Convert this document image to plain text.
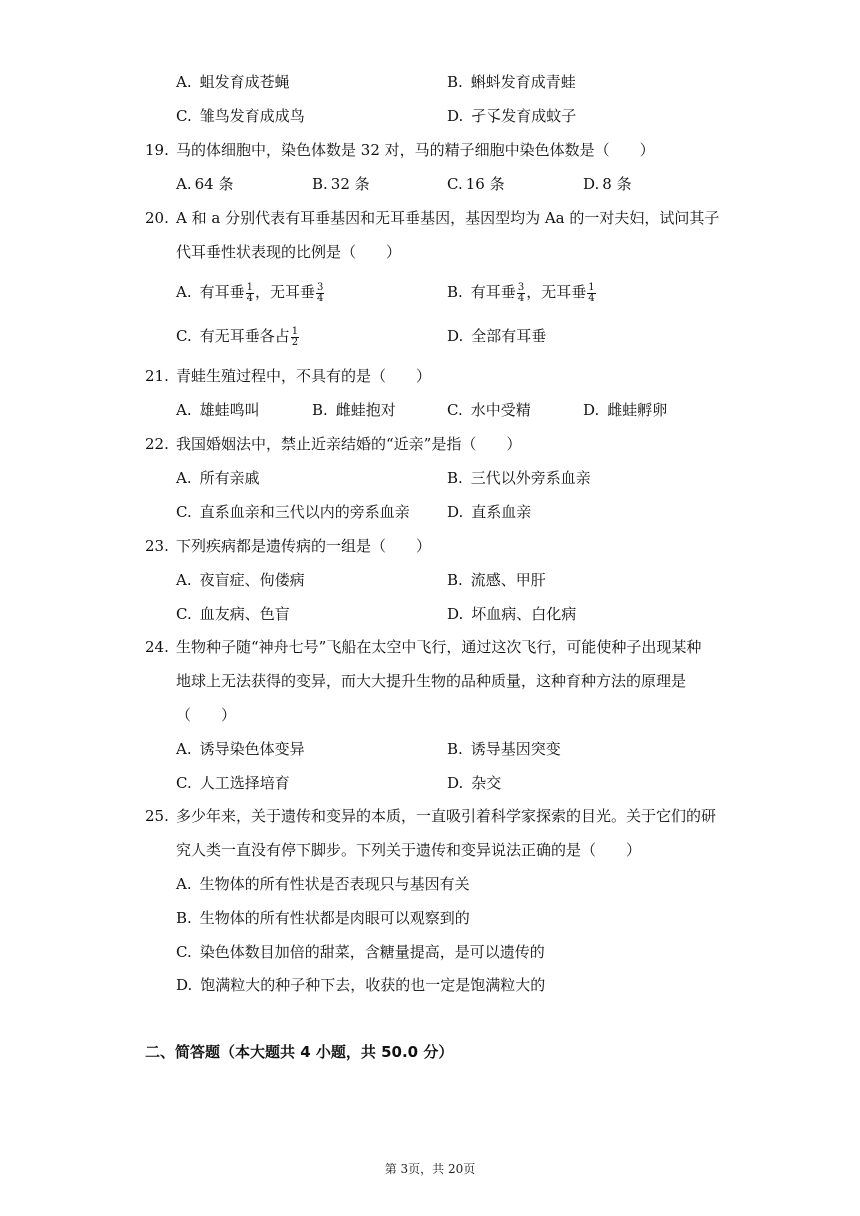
A. 蛆发育成苍蝇	B. 蝌蚪发育成青蛙
C. 雏鸟发育成成鸟	D. 孑孓发育成蚊子
19. 马的体细胞中，染色体数是 32 对，马的精子细胞中染色体数是（　　）
A. 64 条	B. 32 条	C. 16 条	D. 8 条
20. A 和 a 分别代表有耳垂基因和无耳垂基因，基因型均为 Aa 的一对夫妇，试问其子
代耳垂性状表现的比例是（　　）
A. 有耳垂 $\frac{1}{4}$ ，无耳垂 $\frac{3}{4}$	B. 有耳垂 $\frac{3}{4}$ ，无耳垂 $\frac{1}{4}$
C. 有无耳垂各占 $\frac{1}{2}$	D. 全部有耳垂
21. 青蛙生殖过程中，不具有的是（　　）
A. 雄蛙鸣叫	B. 雌蛙抱对	C. 水中受精	D. 雌蛙孵卵
22. 我国婚姻法中，禁止近亲结婚的“近亲”是指（　　）
A. 所有亲戚	B. 三代以外旁系血亲
C. 直系血亲和三代以内的旁系血亲 D. 直系血亲
23. 下列疾病都是遗传病的一组是（　　）
A. 夜盲症、佝偻病	B. 流感、甲肝
C. 血友病、色盲	D. 坏血病、白化病
24. 生物种子随“神舟七号”飞船在太空中飞行，通过这次飞行，可能使种子出现某种
地球上无法获得的变异，而大大提升生物的品种质量，这种育种方法的原理是
（　　）
A. 诱导染色体变异	B. 诱导基因突变
C. 人工选择培育	D. 杂交
25. 多少年来，关于遗传和变异的本质，一直吸引着科学家探索的目光。关于它们的研
究人类一直没有停下脚步。下列关于遗传和变异说法正确的是（　　）
A. 生物体的所有性状是否表现只与基因有关
B. 生物体的所有性状都是肉眼可以观察到的
C. 染色体数目加倍的甜菜，含糖量提高，是可以遗传的
D. 饱满粒大的种子种下去，收获的也一定是饱满粒大的
二、简答题（本大题共 4 小题，共 50.0 分）
第 3页，共 20页
